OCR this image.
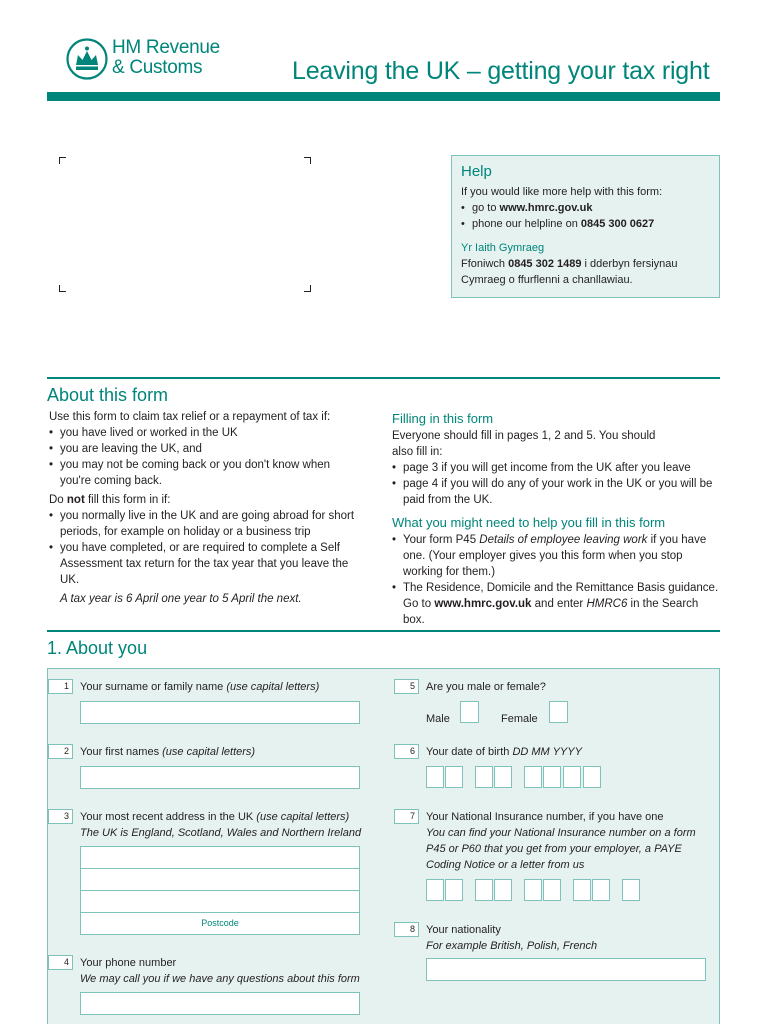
HM Revenue
& Customs	Leaving the UK – getting your tax right
Help

If you would like more help with this form:

• go to www.hmrc.gov.uk
• phone our helpline on 0845 300 0627

Yr Iaith Gymraeg

Ffoniwch 0845 302 1489 i dderbyn fersiynau
Cymraeg o ffurflenni a chanllawiau.

About this form

Use this form to claim tax relief or a repayment of tax if:

• you have lived or worked in the UK
• you are leaving the UK, and
• you may not be coming back or you don't know when you're coming back.

Do not fill this form in if:

• you normally live in the UK and are going abroad for short periods, for example on holiday or a business trip
• you have completed, or are required to complete a Self Assessment tax return for the tax year that you leave the UK.

A tax year is 6 April one year to 5 April the next.

Filling in this form

Everyone should fill in pages 1, 2 and 5. You should also fill in:

• page 3 if you will get income from the UK after you leave
• page 4 if you will do any of your work in the UK or you will be paid from the UK.

What you might need to help you fill in this form

• Your form P45 Details of employee leaving work if you have one. (Your employer gives you this form when you stop working for them.)
• The Residence, Domicile and the Remittance Basis guidance. Go to www.hmrc.gov.uk and enter HMRC6 in the Search box.
1. About you
1	Your surname or family name (use capital letters)
2	Your first names (use capital letters)
3	Your most recent address in the UK (use capital letters)
The UK is England, Scotland, Wales and Northern Ireland
Postcode
4	Your phone number
We may call you if we have any questions about this form
5	Are you male or female?
Male	Female
6	Your date of birth DD MM YYYY
7	Your National Insurance number, if you have one
You can find your National Insurance number on a form P45 or P60 that you get from your employer, a PAYE Coding Notice or a letter from us
8	Your nationality
For example British, Polish, French
